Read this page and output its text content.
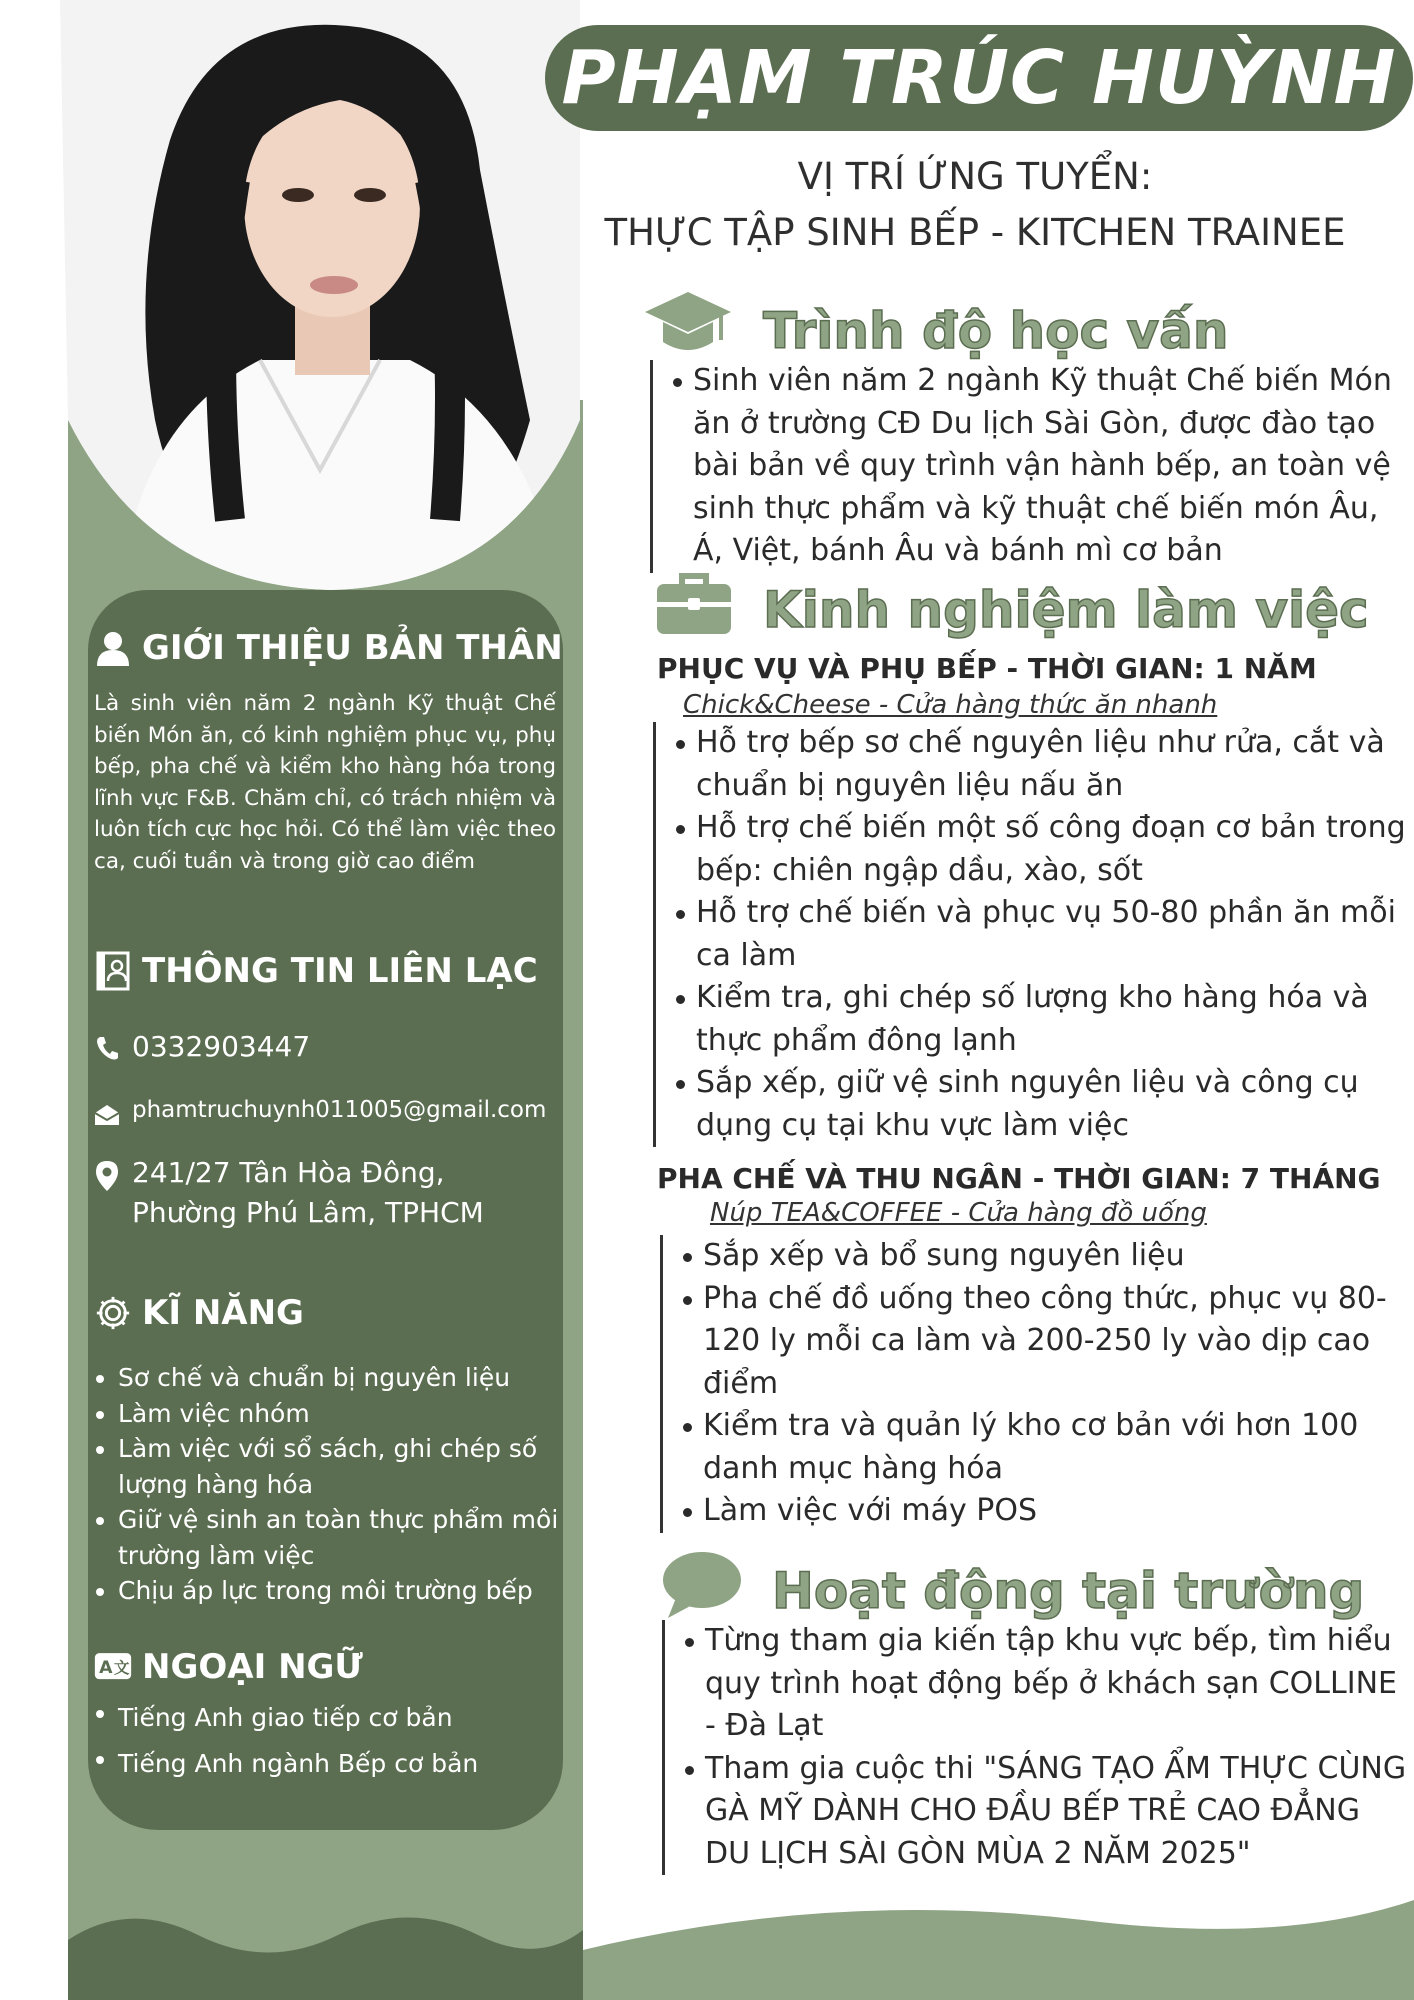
GIỚI THIỆU BẢN THÂN
Là sinh viên năm 2 ngành Kỹ thuật Chế biến Món ăn, có kinh nghiệm phục vụ, phụ bếp, pha chế và kiểm kho hàng hóa trong lĩnh vực F&B. Chăm chỉ, có trách nhiệm và luôn tích cực học hỏi. Có thể làm việc theo ca, cuối tuần và trong giờ cao điểm
THÔNG TIN LIÊN LẠC
0332903447
phamtruchuynh011005@gmail.com
241/27 Tân Hòa Đông,
Phường Phú Lâm, TPHCM
KĨ NĂNG
Sơ chế và chuẩn bị nguyên liệu
Làm việc nhóm
Làm việc với sổ sách, ghi chép số lượng hàng hóa
Giữ vệ sinh an toàn thực phẩm môi trường làm việc
Chịu áp lực trong môi trường bếp
A 文 NGOẠI NGỮ
Tiếng Anh giao tiếp cơ bản
Tiếng Anh ngành Bếp cơ bản
PHẠM TRÚC HUỲNH
VỊ TRÍ ỨNG TUYỂN:
THỰC TẬP SINH BẾP - KITCHEN TRAINEE
Trình độ học vấn
Sinh viên năm 2 ngành Kỹ thuật Chế biến Món ăn ở trường CĐ Du lịch Sài Gòn, được đào tạo bài bản về quy trình vận hành bếp, an toàn vệ sinh thực phẩm và kỹ thuật chế biến món Âu, Á, Việt, bánh Âu và bánh mì cơ bản
Kinh nghiệm làm việc
PHỤC VỤ VÀ PHỤ BẾP - THỜI GIAN: 1 NĂM
Chick&Cheese - Cửa hàng thức ăn nhanh
Hỗ trợ bếp sơ chế nguyên liệu như rửa, cắt và chuẩn bị nguyên liệu nấu ăn
Hỗ trợ chế biến một số công đoạn cơ bản trong bếp: chiên ngập dầu, xào, sốt
Hỗ trợ chế biến và phục vụ 50-80 phần ăn mỗi ca làm
Kiểm tra, ghi chép số lượng kho hàng hóa và thực phẩm đông lạnh
Sắp xếp, giữ vệ sinh nguyên liệu và công cụ dụng cụ tại khu vực làm việc
PHA CHẾ VÀ THU NGÂN - THỜI GIAN: 7 THÁNG
Núp TEA&COFFEE - Cửa hàng đồ uống
Sắp xếp và bổ sung nguyên liệu
Pha chế đồ uống theo công thức, phục vụ 80-120 ly mỗi ca làm và 200-250 ly vào dịp cao điểm
Kiểm tra và quản lý kho cơ bản với hơn 100 danh mục hàng hóa
Làm việc với máy POS
Hoạt động tại trường
Từng tham gia kiến tập khu vực bếp, tìm hiểu quy trình hoạt động bếp ở khách sạn COLLINE - Đà Lạt
Tham gia cuộc thi "SÁNG TẠO ẨM THỰC CÙNG GÀ MỸ DÀNH CHO ĐẦU BẾP TRẺ CAO ĐẲNG DU LỊCH SÀI GÒN MÙA 2 NĂM 2025"
